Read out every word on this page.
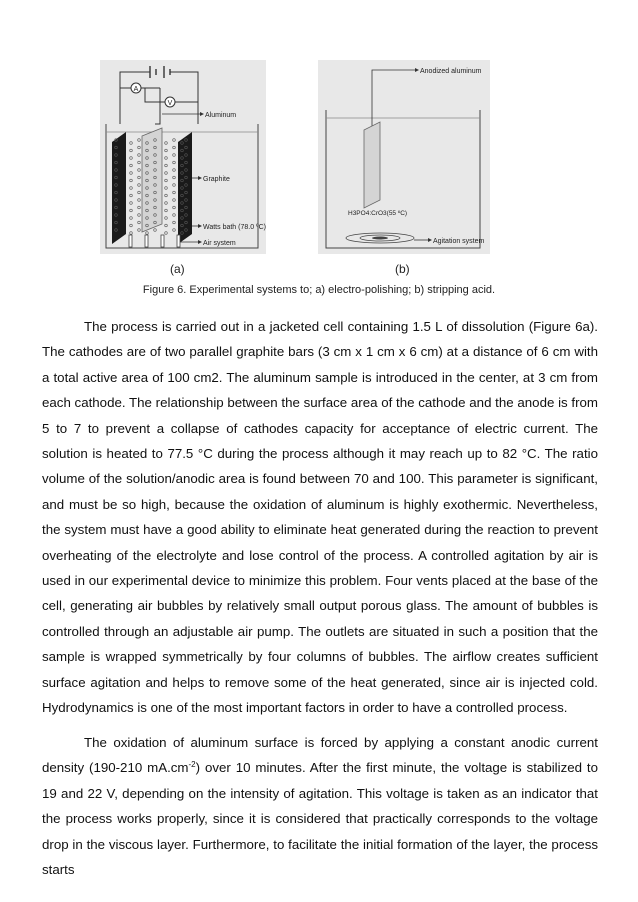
A
V
Aluminum
Graphite
Watts bath (78.0 ºC)
Air system
Anodized aluminum
H3PO4:CrO3(55 ºC)
Agitation system
(a)	(b)
Figure 6. Experimental systems to; a) electro-polishing; b) stripping acid.

The process is carried out in a jacketed cell containing 1.5 L of dissolution (Figure 6a). The cathodes are of two parallel graphite bars (3 cm x 1 cm x 6 cm) at a distance of 6 cm with a total active area of 100 cm2. The aluminum sample is introduced in the center, at 3 cm from each cathode. The relationship between the surface area of the cathode and the anode is from 5 to 7 to prevent a collapse of cathodes capacity for acceptance of electric current. The solution is heated to 77.5 °C during the process although it may reach up to 82 °C. The ratio volume of the solution/anodic area is found between 70 and 100. This parameter is significant, and must be so high, because the oxidation of aluminum is highly exothermic. Nevertheless, the system must have a good ability to eliminate heat generated during the reaction to prevent overheating of the electrolyte and lose control of the process. A controlled agitation by air is used in our experimental device to minimize this problem. Four vents placed at the base of the cell, generating air bubbles by relatively small output porous glass. The amount of bubbles is controlled through an adjustable air pump. The outlets are situated in such a position that the sample is wrapped symmetrically by four columns of bubbles. The airflow creates sufficient surface agitation and helps to remove some of the heat generated, since air is injected cold. Hydrodynamics is one of the most important factors in order to have a controlled process.

The oxidation of aluminum surface is forced by applying a constant anodic current density (190-210 $mA.cm^{-2}$) over 10 minutes. After the first minute, the voltage is stabilized to 19 and 22 V, depending on the intensity of agitation. This voltage is taken as an indicator that the process works properly, since it is considered that practically corresponds to the voltage drop in the viscous layer. Furthermore, to facilitate the initial formation of the layer, the process starts
